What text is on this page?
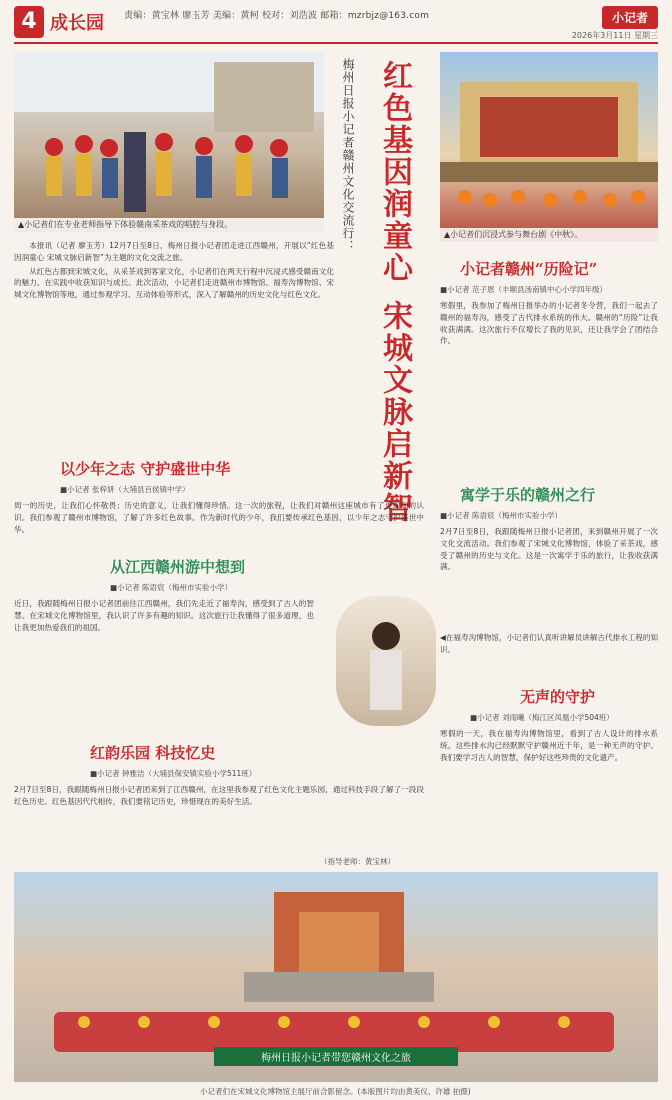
4 成长园 责编：黄宝林 廖玉芳 美编：黄柯 校对：刘浩波 邮箱：mzrbjz@163.com	小记者
2026年3月11日 星期三
▲小记者们在专业老师指导下体验赣南采茶戏的唱腔与身段。	梅州日报小记者赣州文化交流行： 红色基因润童心
宋城文脉启新智
▲小记者们沉浸式参与舞台剧《中秋》。

本报讯（记者 廖玉芳）12月7日至8日，梅州日报小记者团走进江西赣州，开展以“红色基因润童心 宋城文脉启新智”为主题的文化交流之旅。

从红色古都到宋城文化，从采茶戏到客家文化，小记者们在两天行程中沉浸式感受赣南文化的魅力，在实践中收获知识与成长。此次活动，小记者们走进赣州市博物馆、福寿沟博物馆、宋城文化博物馆等地，通过参观学习、互动体验等形式，深入了解赣州的历史文化与红色文化。

以少年之志 守护盛世中华
■小记者 张梓妍（大埔县百侯镇中学）
周一的历史，让我们心怀敬畏；历史的意义，让我们懂得珍惜。这一次的旅程，让我们对赣州这座城市有了更深刻的认识。我们参观了赣州市博物馆，了解了许多红色故事。作为新时代的少年，我们要传承红色基因，以少年之志守护盛世中华。
从江西赣州游中想到
■小记者 陈语宸（梅州市实验小学）
近日，我跟随梅州日报小记者团前往江西赣州，我们先走近了福寿沟，感受到了古人的智慧。在宋城文化博物馆里，我认识了许多有趣的知识。这次旅行让我懂得了很多道理，也让我更加热爱我们的祖国。
红韵乐园 科技忆史
■小记者 钟雅洁（大埔县保安镇实验小学511班）
2月7日至8日，我跟随梅州日报小记者团来到了江西赣州，在这里我参观了红色文化主题乐园，通过科技手段了解了一段段红色历史。红色基因代代相传，我们要铭记历史，珍惜现在的美好生活。
（指导老师：黄宝林）
小记者赣州“历险记”
■小记者 范子恩（丰顺县汤南镇中心小学四年级）
寒假里，我参加了梅州日报举办的小记者冬令营，我们一起去了赣州的福寿沟，感受了古代排水系统的伟大。赣州的“历险”让我收获满满。这次旅行不仅增长了我的见识，还让我学会了团结合作。
寓学于乐的赣州之行
■小记者 陈语宸（梅州市实验小学）
2月7日至8日，我跟随梅州日报小记者团，来到赣州开展了一次文化交流活动。我们参观了宋城文化博物馆，体验了采茶戏，感受了赣州的历史与文化。这是一次寓学于乐的旅行，让我收获满满。
◀在福寿沟博物馆，小记者们认真听讲解员讲解古代排水工程的知识。
无声的守护
■小记者 刘雨曦（梅江区凤凰小学504班）
寒假的一天，我在福寿沟博物馆里，看到了古人设计的排水系统。这些排水沟已经默默守护赣州近千年，是一种无声的守护。我们要学习古人的智慧，保护好这些珍贵的文化遗产。
梅州日报小记者带您赣州文化之旅
小记者们在宋城文化博物馆主展厅前合影留念。(本版图片均由黄美仪、许雄 拍摄)
